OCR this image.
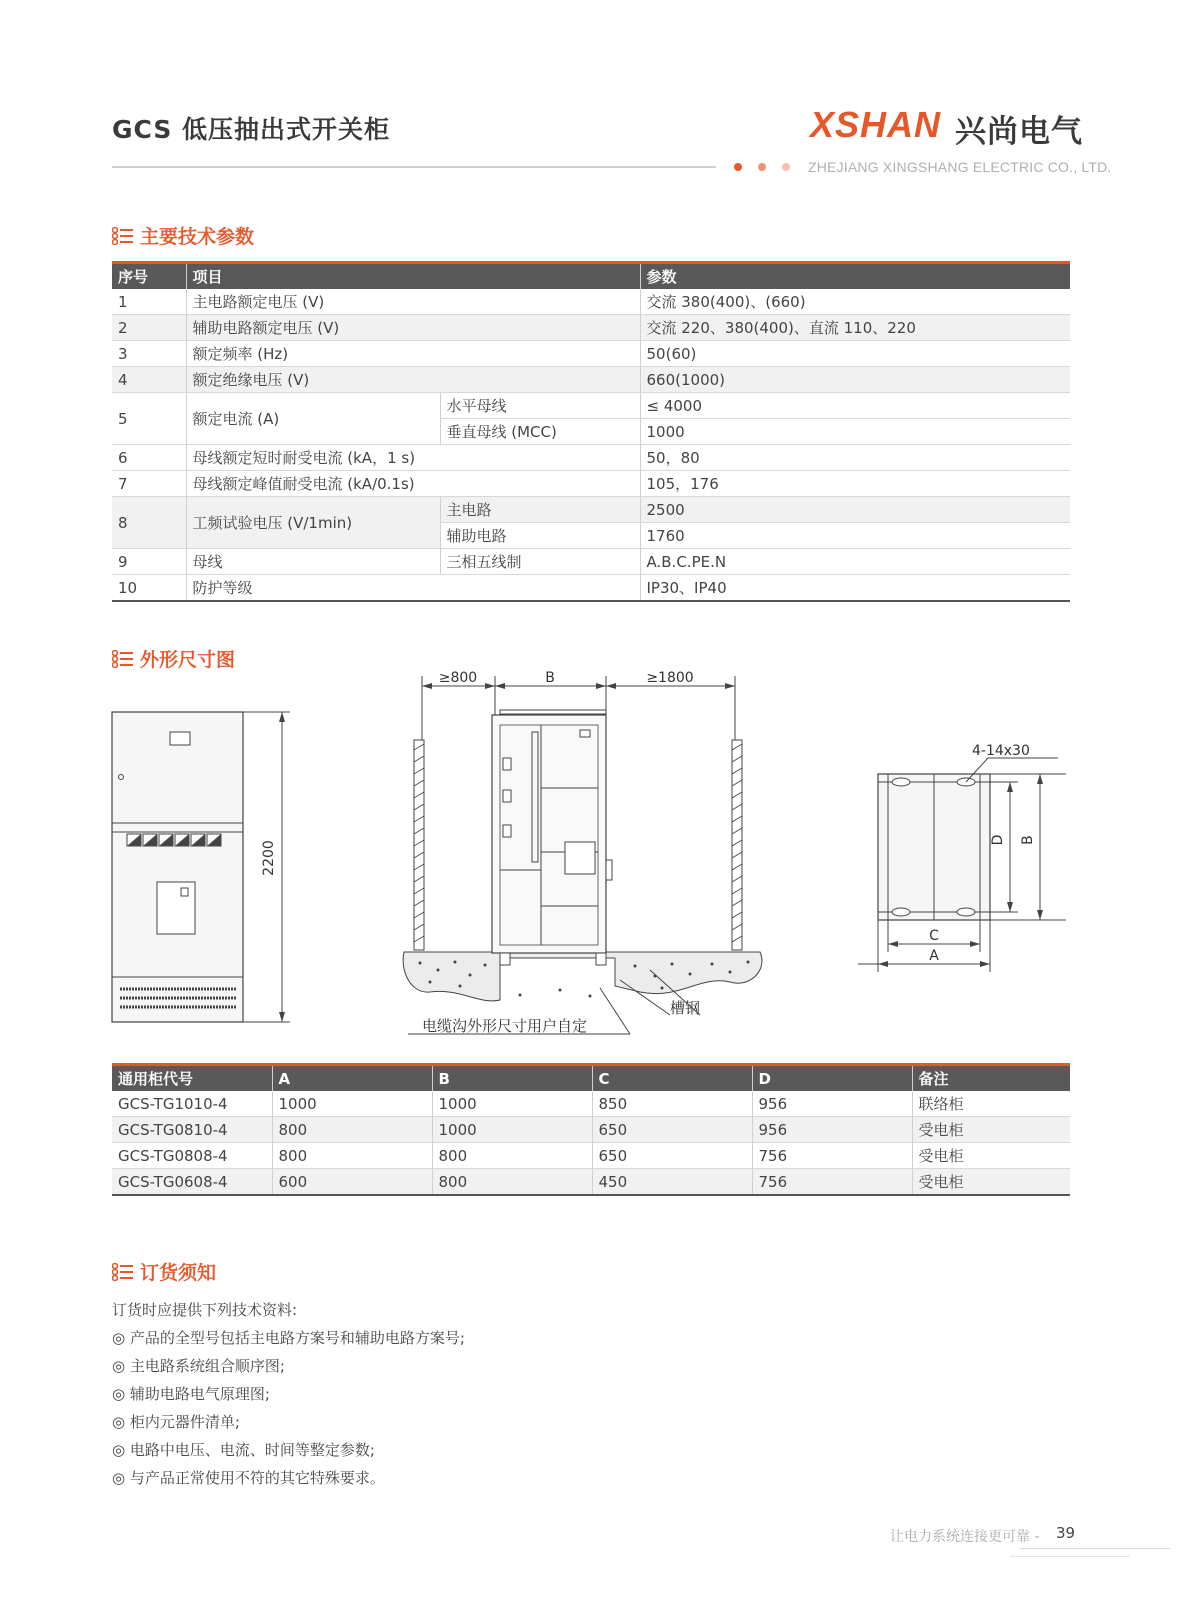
GCS 低压抽出式开关柜	XSHAN 兴尚电气
ZHEJIANG XINGSHANG ELECTRIC CO., LTD.
主要技术参数
序号	项目		参数
1	主电路额定电压 (V)		交流 380(400)、(660)
2	辅助电路额定电压 (V)		交流 220、380(400)、直流 110、220
3	额定频率 (Hz)		50(60)
4	额定绝缘电压 (V)		660(1000)
5	额定电流 (A)	水平母线	≤ 4000
		垂直母线 (MCC)	1000
6	母线额定短时耐受电流 (kA，1 s)		50，80
7	母线额定峰值耐受电流 (kA/0.1s)		105，176
8	工频试验电压 (V/1min)	主电路	2500
		辅助电路	1760
9	母线	三相五线制	A.B.C.PE.N
10	防护等级		IP30、IP40
外形尺寸图
2200
≥800	B	≥1800
槽钢
电缆沟外形尺寸用户自定
4-14x30
D B
C
A
通用柜代号	A	B	C	D	备注
GCS-TG1010-4	1000	1000	850	956	联络柜
GCS-TG0810-4	800	1000	650	956	受电柜
GCS-TG0808-4	800	800	650	756	受电柜
GCS-TG0608-4	600	800	450	756	受电柜
订货须知
订货时应提供下列技术资料:
◎ 产品的全型号包括主电路方案号和辅助电路方案号;
◎ 主电路系统组合顺序图;
◎ 辅助电路电气原理图;
◎ 柜内元器件清单;
◎ 电路中电压、电流、时间等整定参数;
◎ 与产品正常使用不符的其它特殊要求。
让电力系统连接更可靠 - 39
